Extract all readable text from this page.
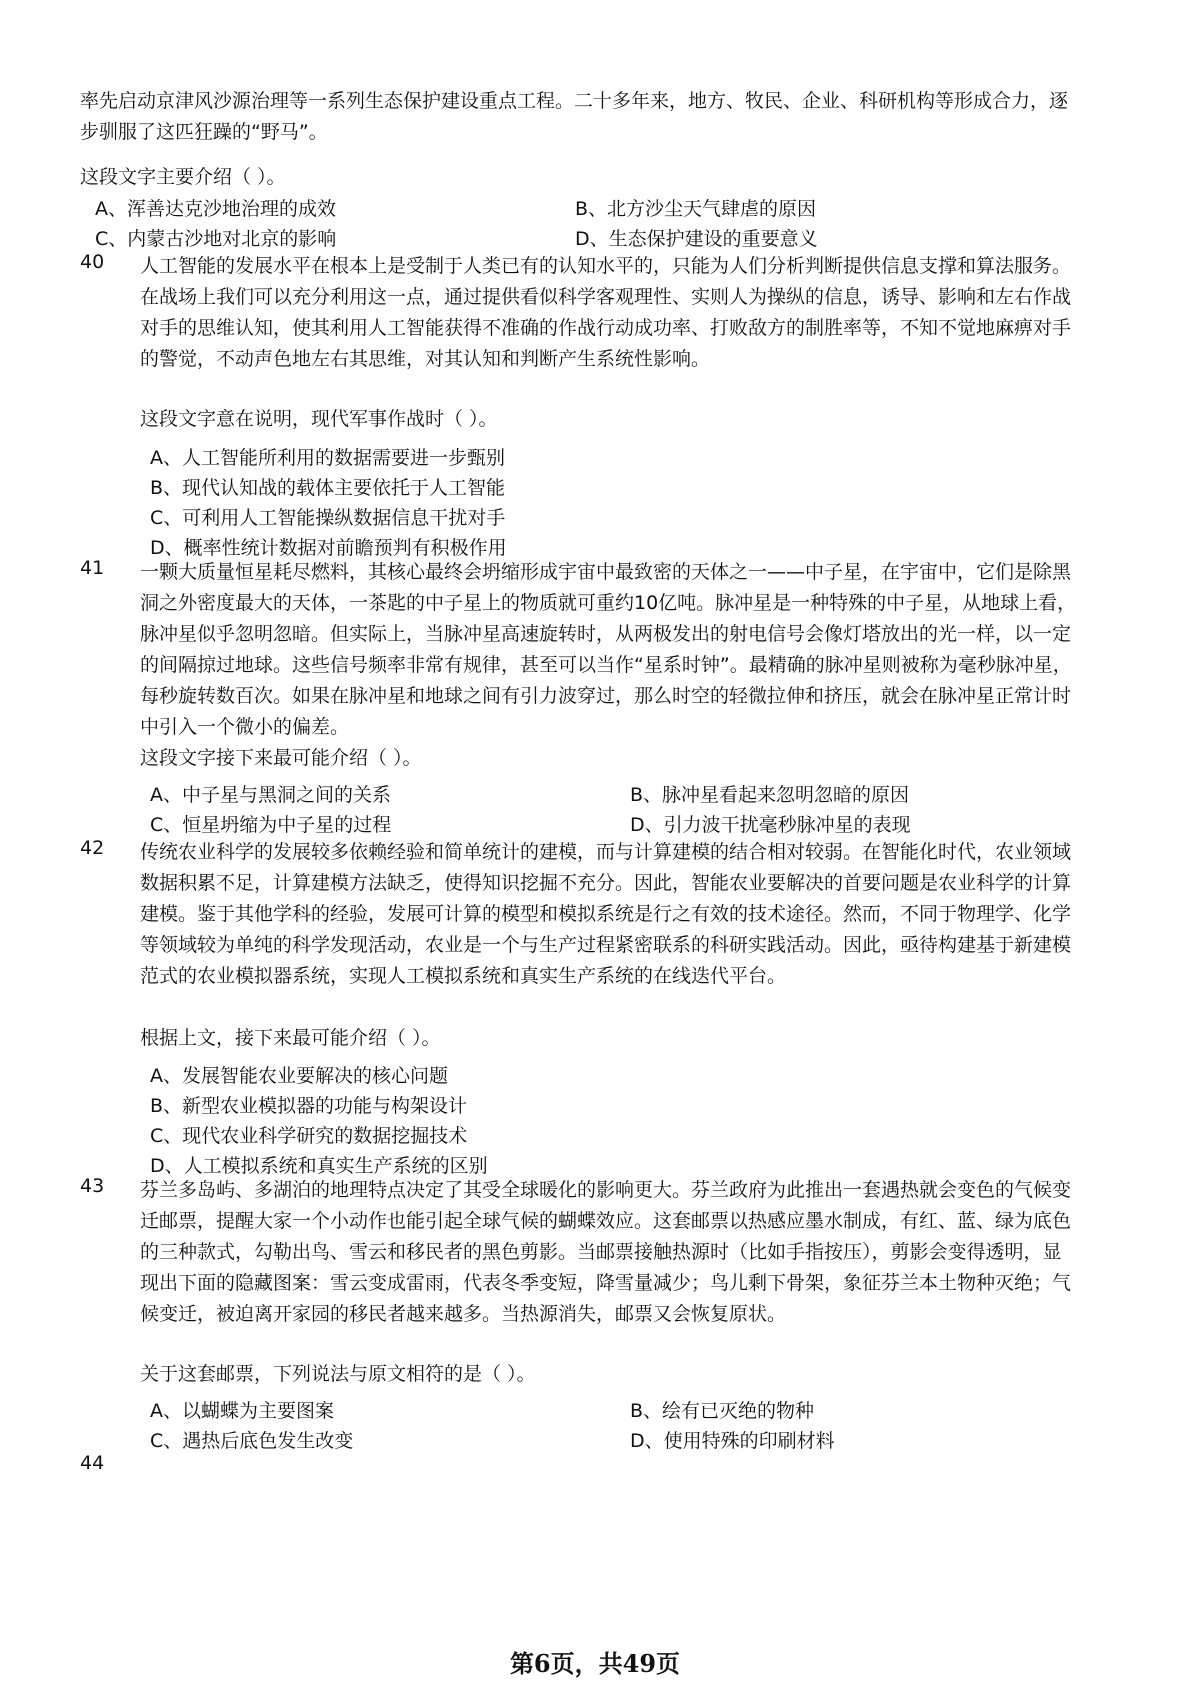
率先启动京津风沙源治理等一系列生态保护建设重点工程。二十多年来，地方、牧民、企业、科研机构等形成合力，逐步驯服了这匹狂躁的“野马”。

这段文字主要介绍（ ）。

A、浑善达克沙地治理的成效	B、北方沙尘天气肆虐的原因
C、内蒙古沙地对北京的影响	D、生态保护建设的重要意义
40	人工智能的发展水平在根本上是受制于人类已有的认知水平的，只能为人们分析判断提供信息支撑和算法服务。在战场上我们可以充分利用这一点，通过提供看似科学客观理性、实则人为操纵的信息，诱导、影响和左右作战对手的思维认知，使其利用人工智能获得不准确的作战行动成功率、打败敌方的制胜率等，不知不觉地麻痹对手的警觉，不动声色地左右其思维，对其认知和判断产生系统性影响。

这段文字意在说明，现代军事作战时（ ）。

A、人工智能所利用的数据需要进一步甄别
B、现代认知战的载体主要依托于人工智能
C、可利用人工智能操纵数据信息干扰对手
D、概率性统计数据对前瞻预判有积极作用
41	一颗大质量恒星耗尽燃料，其核心最终会坍缩形成宇宙中最致密的天体之一——中子星，在宇宙中，它们是除黑洞之外密度最大的天体，一茶匙的中子星上的物质就可重约10亿吨。脉冲星是一种特殊的中子星，从地球上看，脉冲星似乎忽明忽暗。但实际上，当脉冲星高速旋转时，从两极发出的射电信号会像灯塔放出的光一样，以一定的间隔掠过地球。这些信号频率非常有规律，甚至可以当作“星系时钟”。最精确的脉冲星则被称为毫秒脉冲星，每秒旋转数百次。如果在脉冲星和地球之间有引力波穿过，那么时空的轻微拉伸和挤压，就会在脉冲星正常计时中引入一个微小的偏差。

这段文字接下来最可能介绍（ ）。

A、中子星与黑洞之间的关系	B、脉冲星看起来忽明忽暗的原因
C、恒星坍缩为中子星的过程	D、引力波干扰毫秒脉冲星的表现
42	传统农业科学的发展较多依赖经验和简单统计的建模，而与计算建模的结合相对较弱。在智能化时代，农业领域数据积累不足，计算建模方法缺乏，使得知识挖掘不充分。因此，智能农业要解决的首要问题是农业科学的计算建模。鉴于其他学科的经验，发展可计算的模型和模拟系统是行之有效的技术途径。然而，不同于物理学、化学等领域较为单纯的科学发现活动，农业是一个与生产过程紧密联系的科研实践活动。因此，亟待构建基于新建模范式的农业模拟器系统，实现人工模拟系统和真实生产系统的在线迭代平台。

根据上文，接下来最可能介绍（ ）。

A、发展智能农业要解决的核心问题
B、新型农业模拟器的功能与构架设计
C、现代农业科学研究的数据挖掘技术
D、人工模拟系统和真实生产系统的区别
43	芬兰多岛屿、多湖泊的地理特点决定了其受全球暖化的影响更大。芬兰政府为此推出一套遇热就会变色的气候变迁邮票，提醒大家一个小动作也能引起全球气候的蝴蝶效应。这套邮票以热感应墨水制成，有红、蓝、绿为底色的三种款式，勾勒出鸟、雪云和移民者的黑色剪影。当邮票接触热源时（比如手指按压），剪影会变得透明，显现出下面的隐藏图案：雪云变成雷雨，代表冬季变短，降雪量减少；鸟儿剩下骨架，象征芬兰本土物种灭绝；气候变迁，被迫离开家园的移民者越来越多。当热源消失，邮票又会恢复原状。

关于这套邮票，下列说法与原文相符的是（ ）。

A、以蝴蝶为主要图案	B、绘有已灭绝的物种
C、遇热后底色发生改变	D、使用特殊的印刷材料
44
第6页，共49页
